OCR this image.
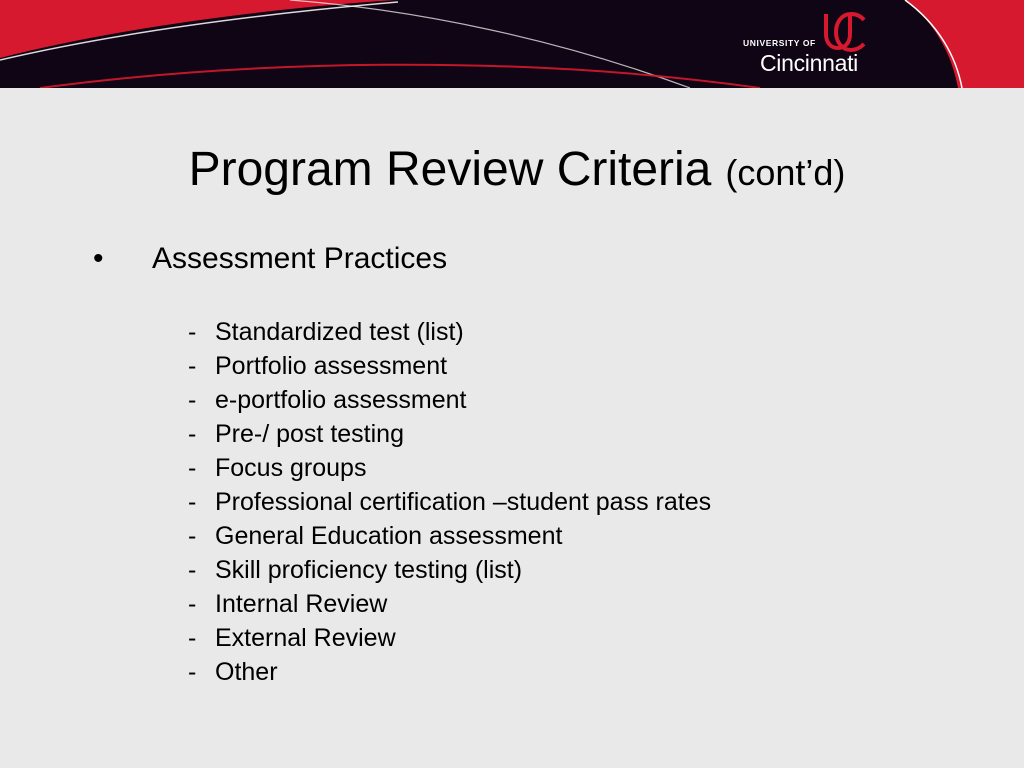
UNIVERSITY OF
Cincinnati
Program Review Criteria (cont’d)
• Assessment Practices
- Standardized test (list)
- Portfolio assessment
- e-portfolio assessment
- Pre-/ post testing
- Focus groups
- Professional certification –student pass rates
- General Education assessment
- Skill proficiency testing (list)
- Internal Review
- External Review
- Other
